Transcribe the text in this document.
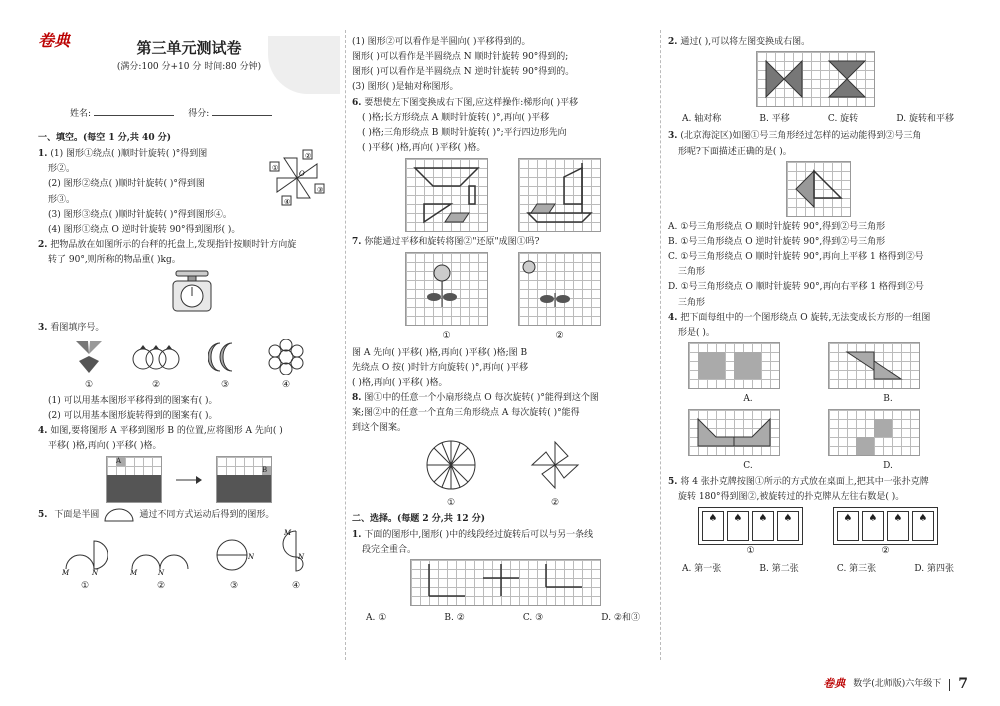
卷典	第三单元测试卷
(满分:100 分+10 分 时间:80 分钟)
姓名:	得分:
一、填空。(每空 1 分,共 40 分)

1. (1) 图形①绕点( )顺时针旋转( )°得到图

形②。

(2) 图形②绕点( )顺时针旋转( )°得到图

形③。

(3) 图形③绕点( )顺时针旋转( )°得到图形④。

(4) 图形①绕点 O 逆时针旋转 90°得到图形( )。

①
②
③
④
O

2. 把物品放在如图所示的台秤的托盘上,发现指针按顺时针方向旋

转了 90°,则所称的物品重( )kg。

3. 看图填序号。

①	②	③	④

(1) 可以用基本图形平移得到的图案有( )。

(2) 可以用基本图形旋转得到的图案有( )。

4. 如图,要将图形 A 平移到图形 B 的位置,应将图形 A 先向( )

平移( )格,再向( )平移( )格。

A
B

5. 下面是半圆	通过不同方式运动后得到的图形。

M	N
①
M	N
②
N
③
M
N
④

(1) 图形②可以看作是半圆向( )平移得到的。

图形( )可以看作是半圆绕点 N 顺时针旋转 90°得到的;

图形( )可以看作是半圆绕点 N 逆时针旋转 90°得到的。

(3) 图形( )是轴对称图形。

6. 要想使左下图变换成右下图,应这样操作:梯形向( )平移

( )格;长方形绕点 A 顺时针旋转( )°,再向( )平移

( )格;三角形绕点 B 顺时针旋转( )°;平行四边形先向

( )平移( )格,再向( )平移( )格。

7. 你能通过平移和旋转将图②"还原"成图①吗?

①	②

图 A 先向( )平移( )格,再向( )平移( )格;图 B

先绕点 O 按( )时针方向旋转( )°,再向( )平移

( )格,再向( )平移( )格。

8. 图①中的任意一个小扇形绕点 O 每次旋转( )°能得到这个图

案;图②中的任意一个直角三角形绕点 A 每次旋转( )°能得

到这个图案。

①	②
二、选择。(每题 2 分,共 12 分)

1. 下面的图形中,图形( )中的线段经过旋转后可以与另一条线

段完全重合。

A. ①	B. ②	C. ③	D. ②和③

2. 通过( ),可以将左图变换成右图。

A. 轴对称	B. 平移	C. 旋转	D. 旋转和平移

3. (北京海淀区)如图①号三角形经过怎样的运动能得到②号三角

形呢?下面描述正确的是( )。

A. ①号三角形绕点 O 顺时针旋转 90°,得到②号三角形

B. ①号三角形绕点 O 逆时针旋转 90°,得到②号三角形

C. ①号三角形绕点 O 顺时针旋转 90°,再向上平移 1 格得到②号

三角形

D. ①号三角形绕点 O 顺时针旋转 90°,再向右平移 1 格得到②号

三角形

4. 把下面每组中的一个图形绕点 O 旋转,无法变成长方形的一组图

形是( )。

A.	B.
C.	D.

5. 将 4 张扑克牌按图①所示的方式放在桌面上,把其中一张扑克牌

旋转 180°得到图②,被旋转过的扑克牌从左往右数是( )。

♠	♠	♠	♠
①
♠	♠	♠	♠
②
A. 第一张	B. 第二张	C. 第三张	D. 第四张
卷典 数学(北师版)六年级下 7
